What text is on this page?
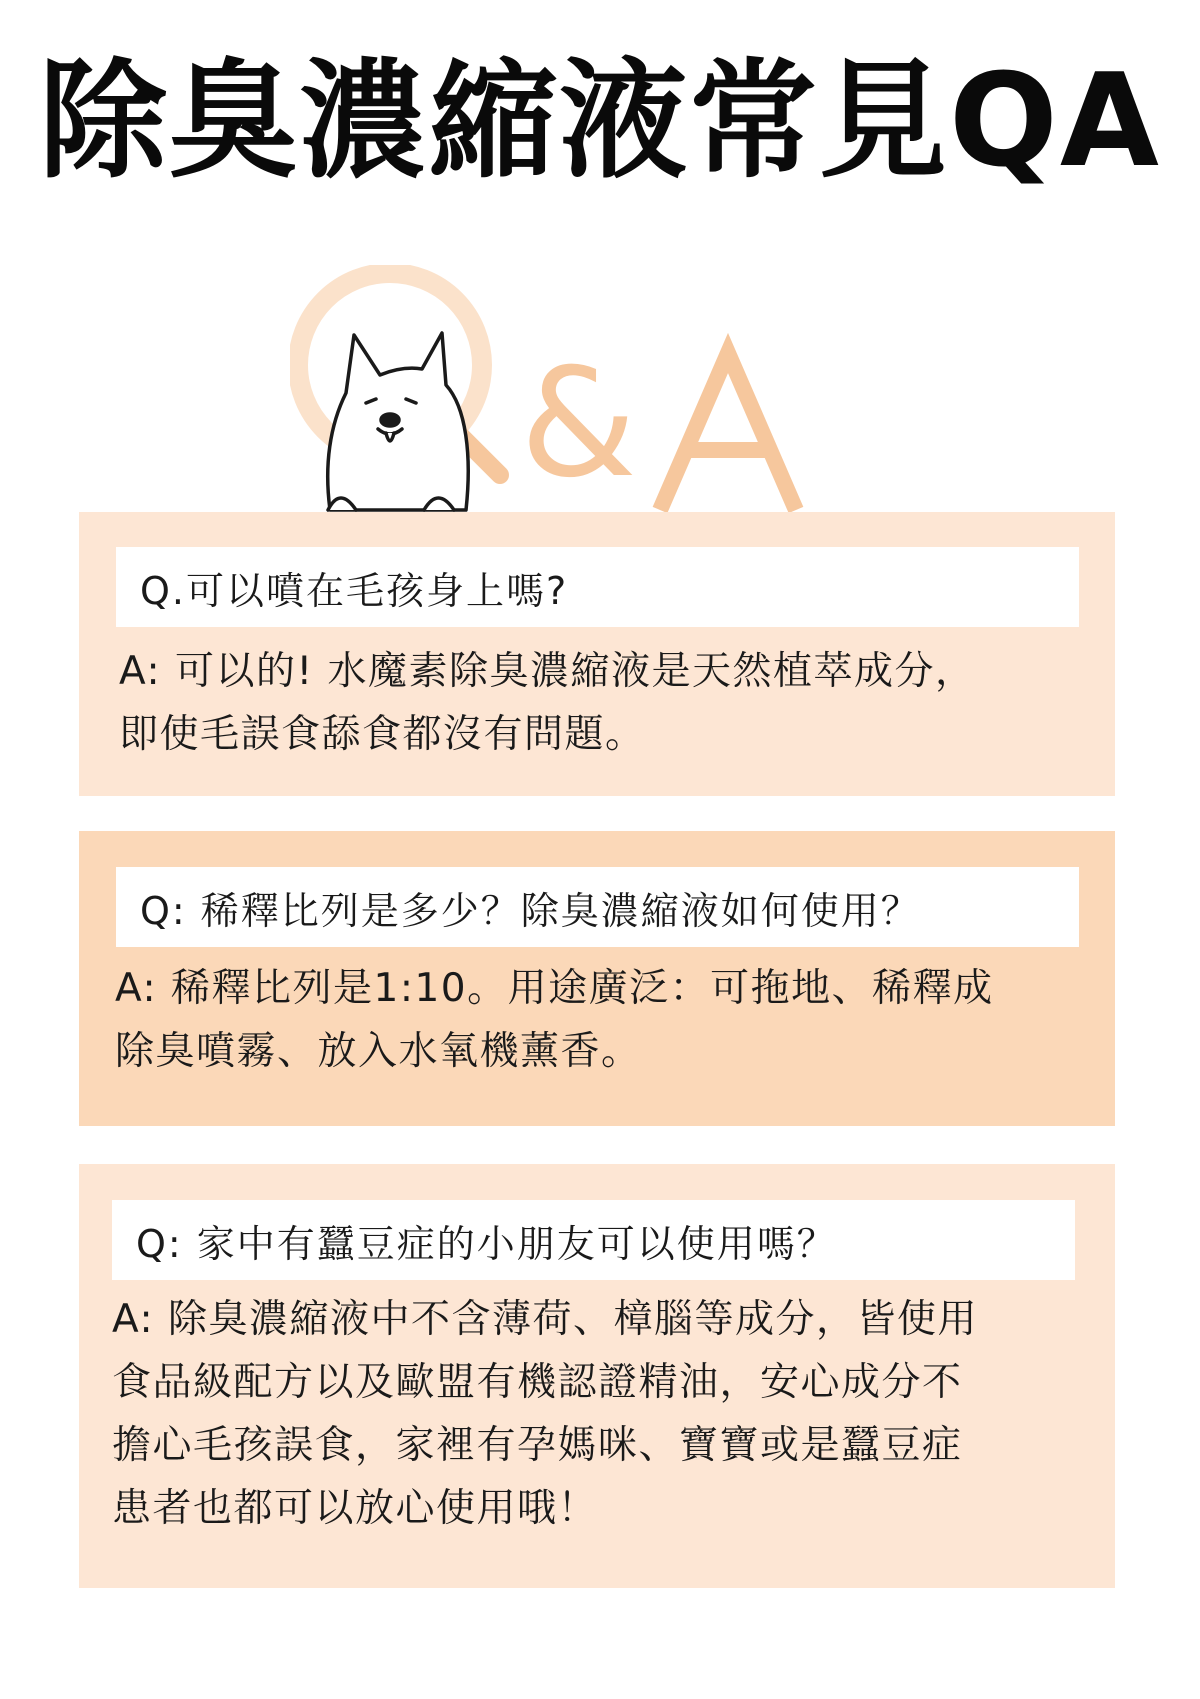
除臭濃縮液常見QA
&
Q.可以噴在毛孩身上嗎?

A: 可以的! 水魔素除臭濃縮液是天然植萃成分，
即使毛誤食舔食都沒有問題。

Q: 稀釋比列是多少？除臭濃縮液如何使用？

A: 稀釋比列是1:10。用途廣泛：可拖地、稀釋成
除臭噴霧、放入水氧機薰香。

Q: 家中有蠶豆症的小朋友可以使用嗎？

A: 除臭濃縮液中不含薄荷、樟腦等成分，皆使用
食品級配方以及歐盟有機認證精油，安心成分不
擔心毛孩誤食，家裡有孕媽咪、寶寶或是蠶豆症
患者也都可以放心使用哦！
